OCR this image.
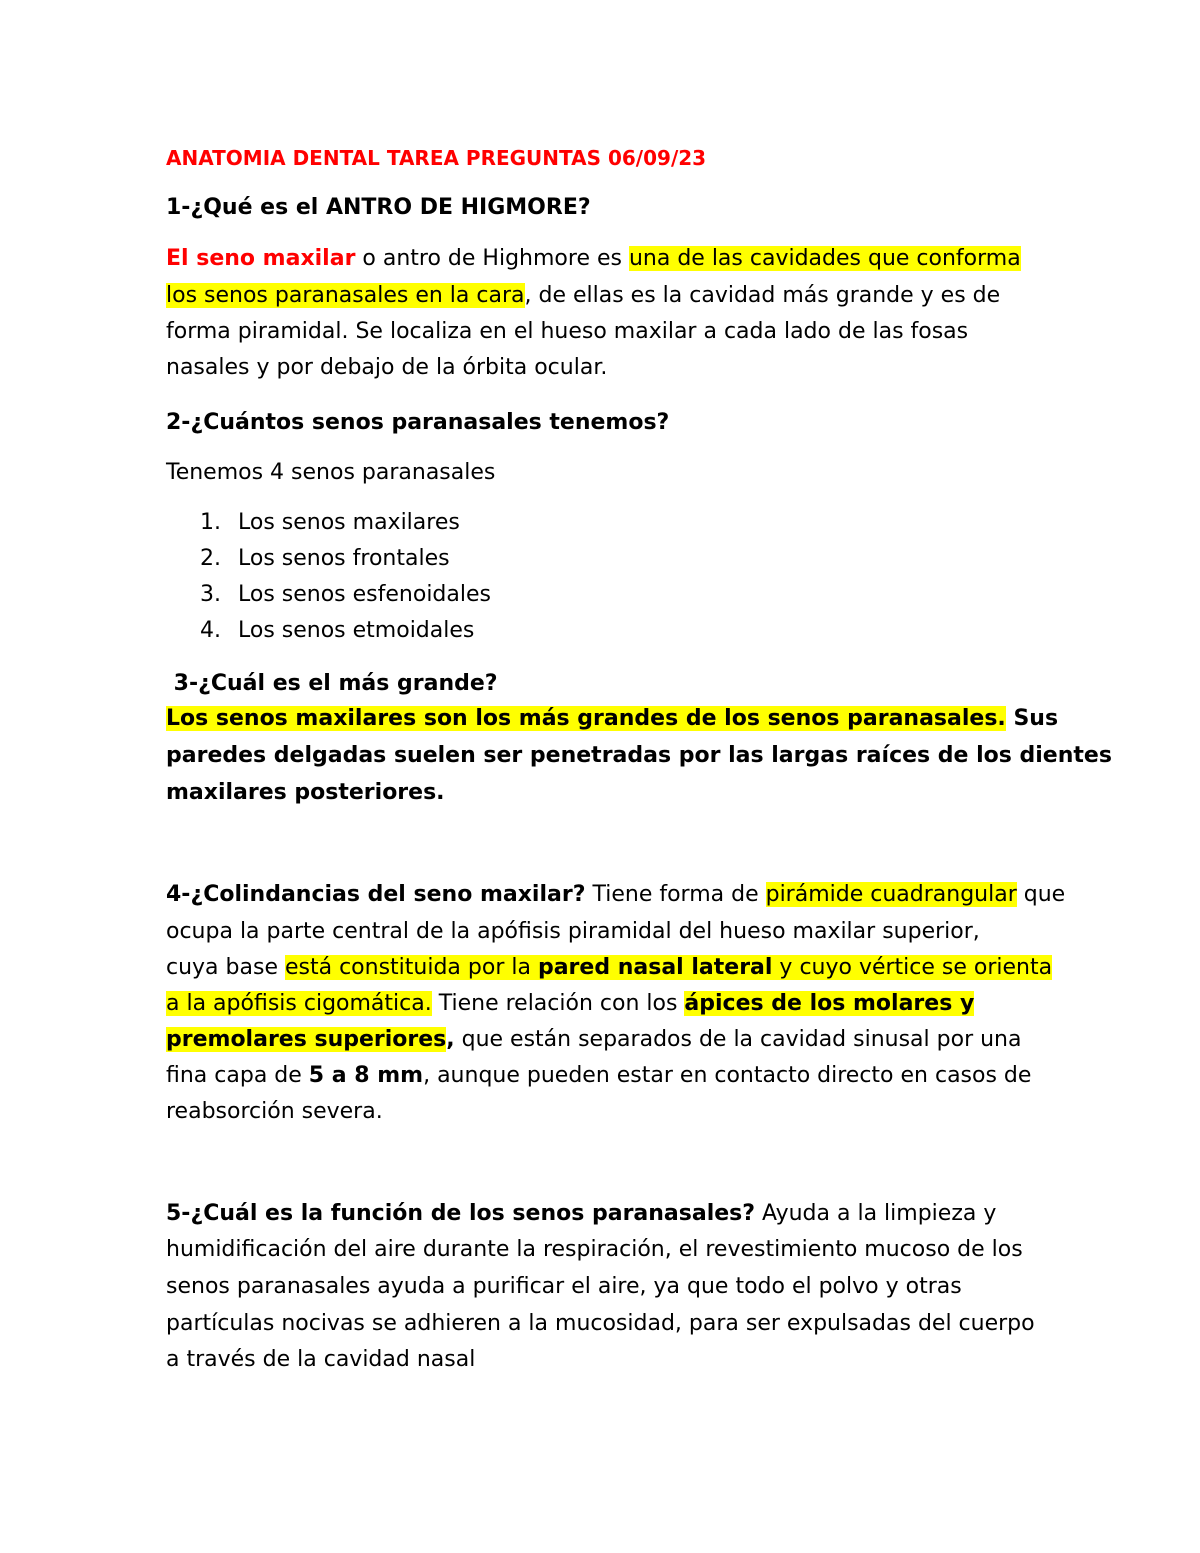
ANATOMIA DENTAL TAREA PREGUNTAS 06/09/23
1-¿Qué es el ANTRO DE HIGMORE?
El seno maxilar o antro de Highmore es una de las cavidades que conforma
los senos paranasales en la cara, de ellas es la cavidad más grande y es de
forma piramidal. Se localiza en el hueso maxilar a cada lado de las fosas
nasales y por debajo de la órbita ocular.
2-¿Cuántos senos paranasales tenemos?
Tenemos 4 senos paranasales
1. Los senos maxilares
2. Los senos frontales
3. Los senos esfenoidales
4. Los senos etmoidales
3-¿Cuál es el más grande?
Los senos maxilares son los más grandes de los senos paranasales. Sus
paredes delgadas suelen ser penetradas por las largas raíces de los dientes
maxilares posteriores.
4-¿Colindancias del seno maxilar? Tiene forma de pirámide cuadrangular que
ocupa la parte central de la apófisis piramidal del hueso maxilar superior,
cuya base está constituida por la pared nasal lateral y cuyo vértice se orienta
a la apófisis cigomática. Tiene relación con los ápices de los molares y
premolares superiores, que están separados de la cavidad sinusal por una
fina capa de 5 a 8 mm, aunque pueden estar en contacto directo en casos de
reabsorción severa.
5-¿Cuál es la función de los senos paranasales? Ayuda a la limpieza y
humidificación del aire durante la respiración, el revestimiento mucoso de los
senos paranasales ayuda a purificar el aire, ya que todo el polvo y otras
partículas nocivas se adhieren a la mucosidad, para ser expulsadas del cuerpo
a través de la cavidad nasal
